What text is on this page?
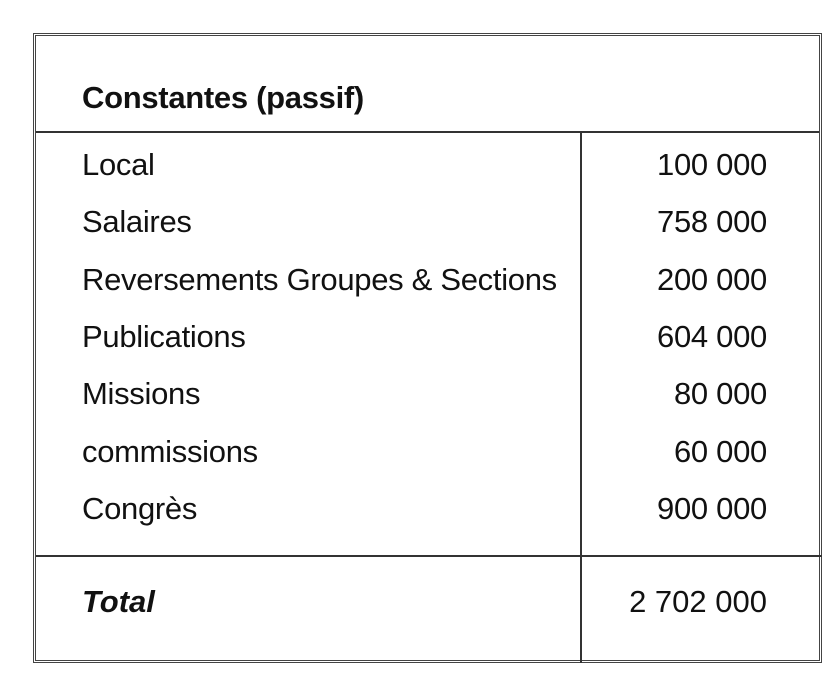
Constantes (passif)
Local	100 000
Salaires	758 000
Reversements Groupes & Sections	200 000
Publications	604 000
Missions	80 000
commissions	60 000
Congrès	900 000
Total	2 702 000
